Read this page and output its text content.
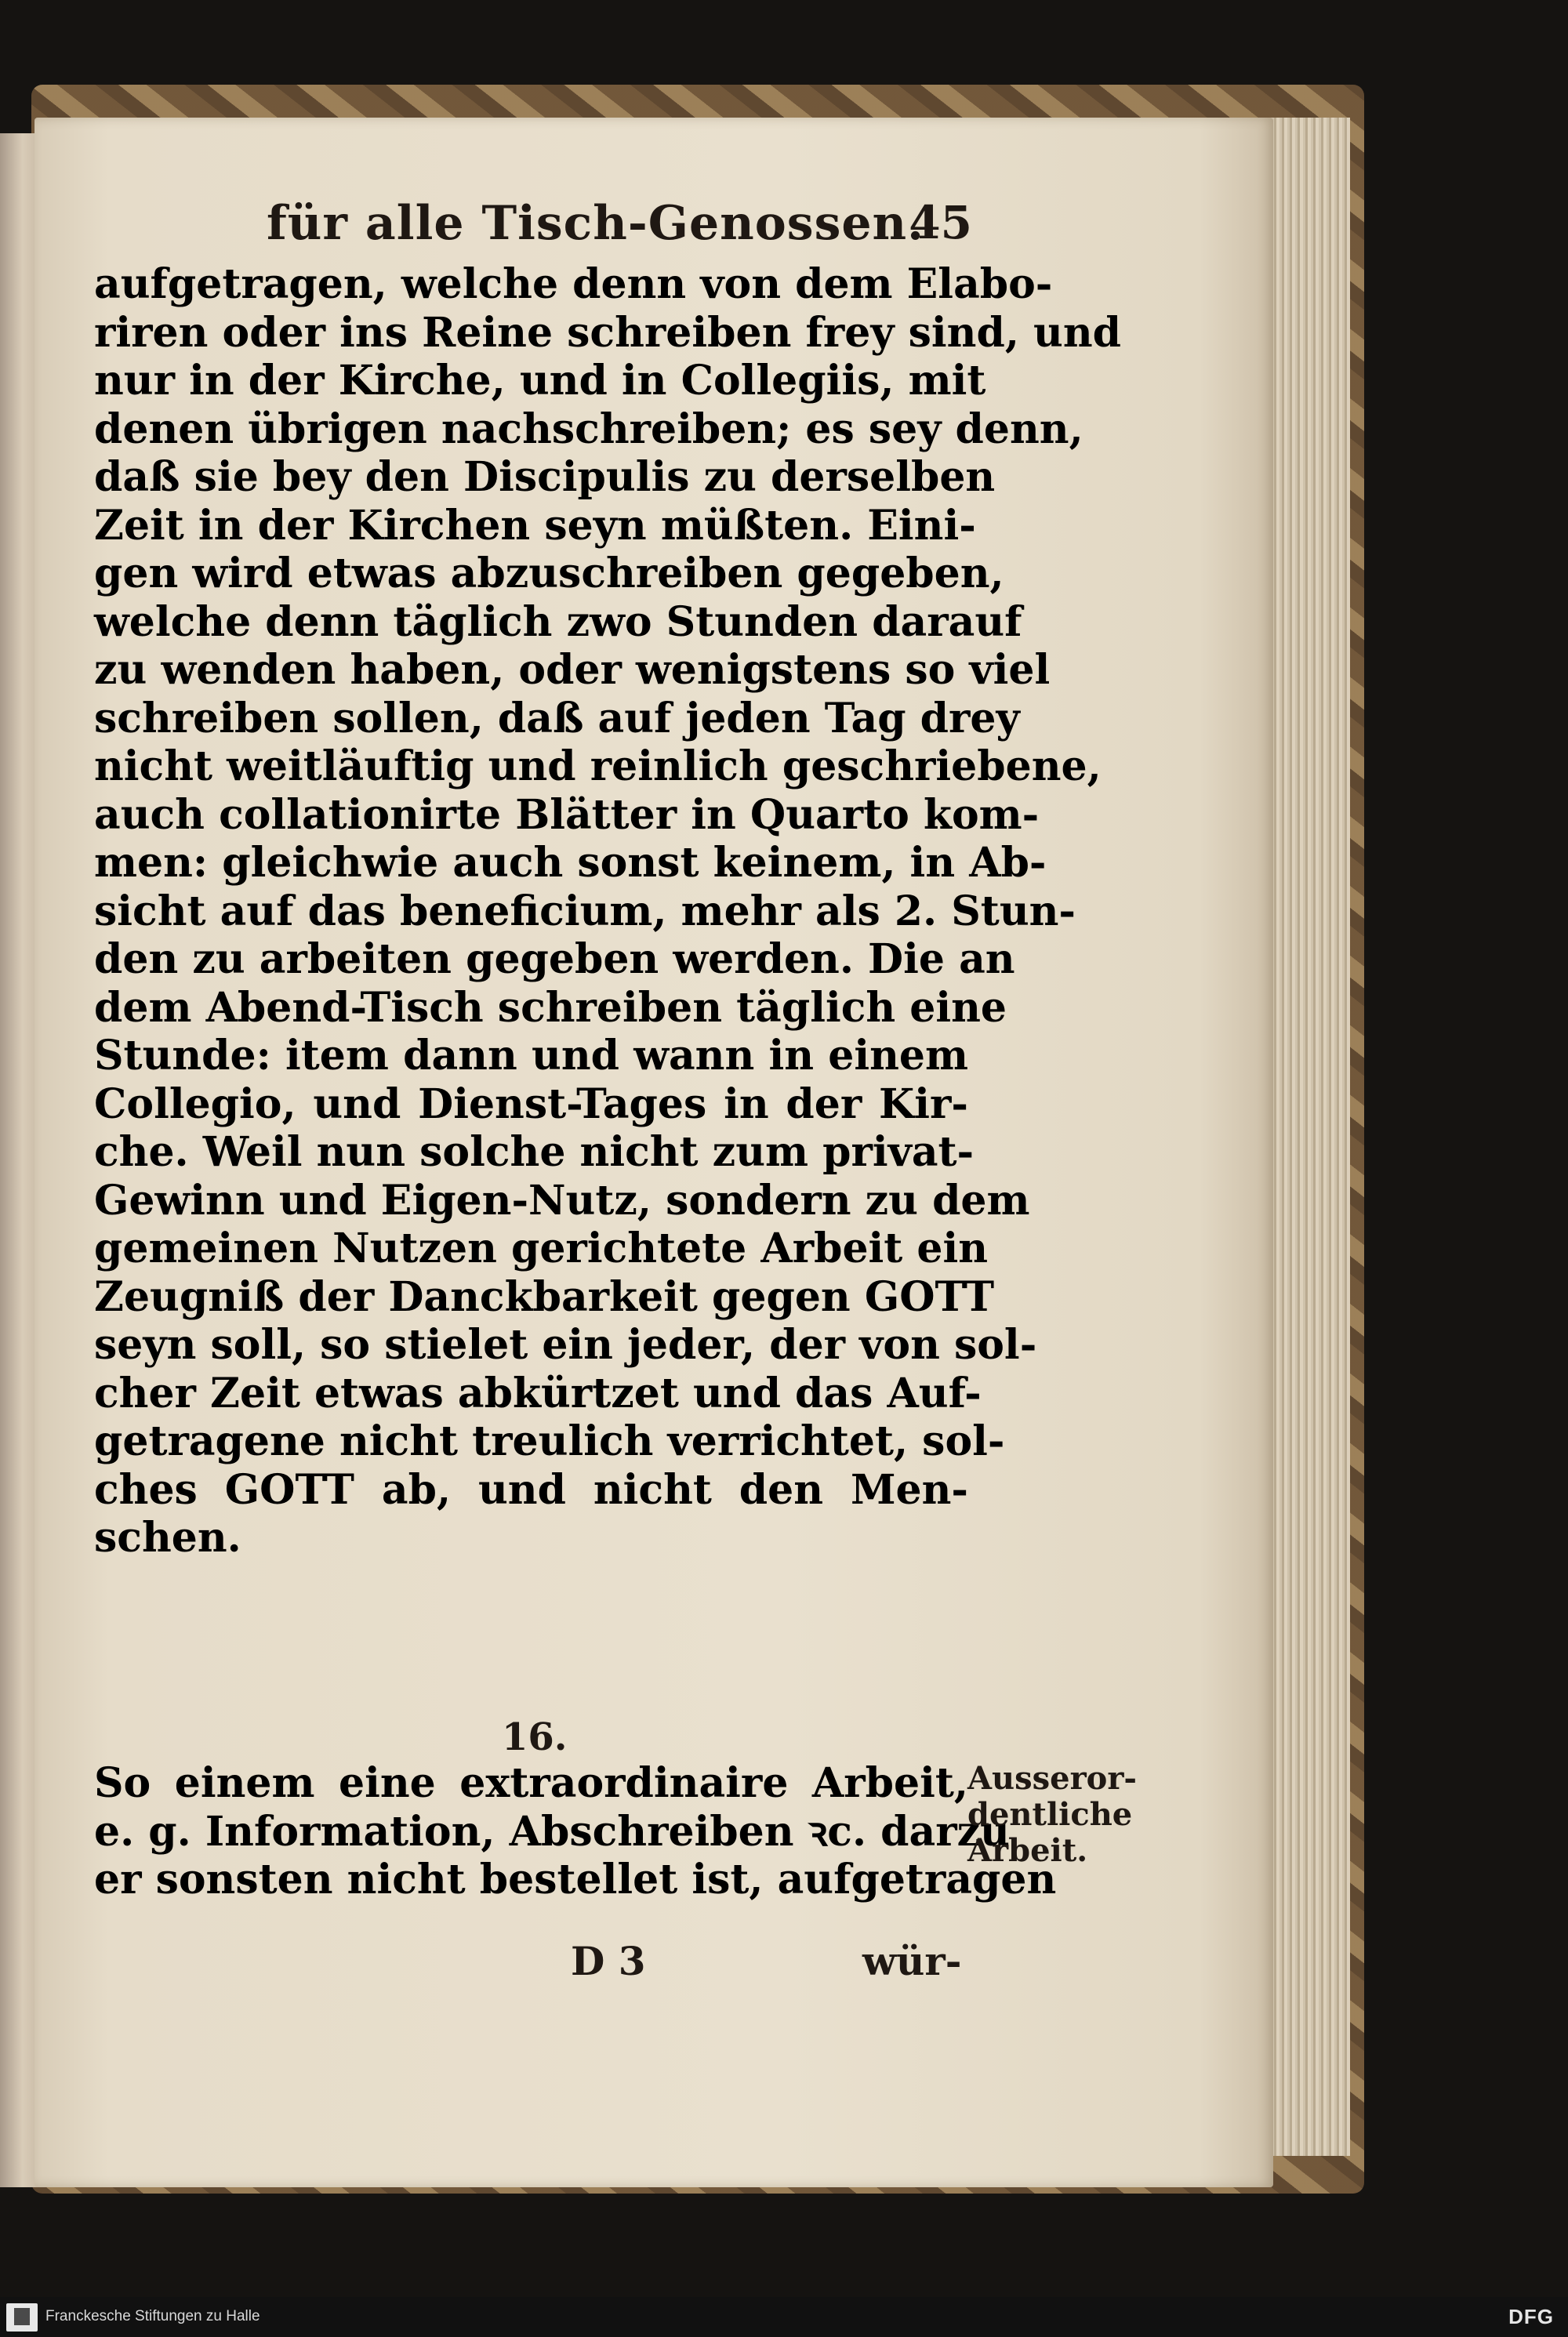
für alle Tisch-Genossen.
45
aufgetragen, welche denn von dem Elabo-
riren oder ins Reine schreiben frey sind, und
nur in der Kirche, und in Collegiis, mit
denen übrigen nachschreiben; es sey denn,
daß sie bey den Discipulis zu derselben
Zeit in der Kirchen seyn müßten. Eini-
gen wird etwas abzuschreiben gegeben,
welche denn täglich zwo Stunden darauf
zu wenden haben, oder wenigstens so viel
schreiben sollen, daß auf jeden Tag drey
nicht weitläuftig und reinlich geschriebene,
auch collationirte Blätter in Quarto kom-
men: gleichwie auch sonst keinem, in Ab-
sicht auf das beneficium, mehr als 2. Stun-
den zu arbeiten gegeben werden. Die an
dem Abend-Tisch schreiben täglich eine
Stunde: item dann und wann in einem
Collegio, und Dienst-Tages in der Kir-
che. Weil nun solche nicht zum privat-
Gewinn und Eigen-Nutz, sondern zu dem
gemeinen Nutzen gerichtete Arbeit ein
Zeugniß der Danckbarkeit gegen GOTT
seyn soll, so stielet ein jeder, der von sol-
cher Zeit etwas abkürtzet und das Auf-
getragene nicht treulich verrichtet, sol-
ches GOTT ab, und nicht den Men-
schen.
16.
So einem eine extraordinaire Arbeit,
e. g. Information, Abschreiben ꝛc. darzu
er sonsten nicht bestellet ist, aufgetragen
Ausseror-
dentliche
Arbeit.
D 3	wür-
Franckesche Stiftungen zu Halle	DFG
